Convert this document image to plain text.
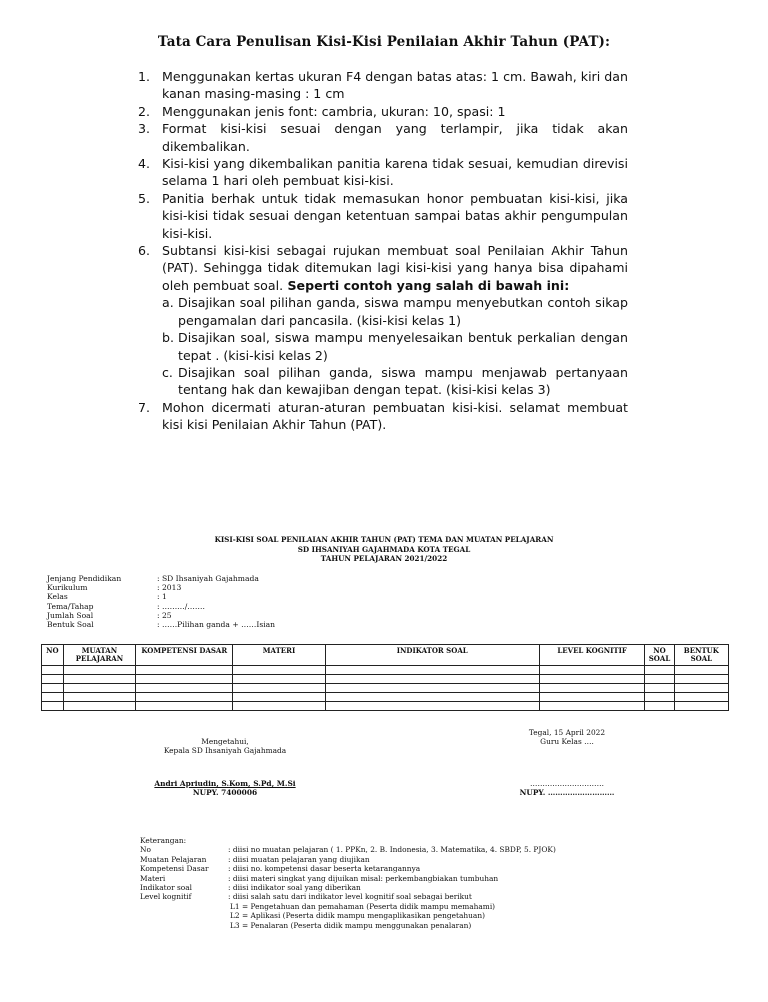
Tata Cara Penulisan Kisi-Kisi Penilaian Akhir Tahun (PAT):
1. Menggunakan kertas ukuran F4 dengan batas atas: 1 cm. Bawah, kiri dan kanan masing-masing : 1 cm
2. Menggunakan jenis font: cambria, ukuran: 10, spasi: 1
3. Format kisi-kisi sesuai dengan yang terlampir, jika tidak akan dikembalikan.
4. Kisi-kisi yang dikembalikan panitia karena tidak sesuai, kemudian direvisi selama 1 hari oleh pembuat kisi-kisi.
5. Panitia berhak untuk tidak memasukan honor pembuatan kisi-kisi, jika kisi-kisi tidak sesuai dengan ketentuan sampai batas akhir pengumpulan kisi-kisi.
6. Subtansi kisi-kisi sebagai rujukan membuat soal Penilaian Akhir Tahun (PAT). Sehingga tidak ditemukan lagi kisi-kisi yang hanya bisa dipahami oleh pembuat soal. Seperti contoh yang salah di bawah ini:
a. Disajikan soal pilihan ganda, siswa mampu menyebutkan contoh sikap pengamalan dari pancasila. (kisi-kisi kelas 1)
b. Disajikan soal, siswa mampu menyelesaikan bentuk perkalian dengan tepat . (kisi-kisi kelas 2)
c. Disajikan soal pilihan ganda, siswa mampu menjawab pertanyaan tentang hak dan kewajiban dengan tepat. (kisi-kisi kelas 3)
7. Mohon dicermati aturan-aturan pembuatan kisi-kisi. selamat membuat kisi kisi Penilaian Akhir Tahun (PAT).
KISI-KISI SOAL PENILAIAN AKHIR TAHUN (PAT) TEMA DAN MUATAN PELAJARAN
SD IHSANIYAH GAJAHMADA KOTA TEGAL
TAHUN PELAJARAN 2021/2022
Jenjang Pendidikan	: SD Ihsaniyah Gajahmada
Kurikulum	: 2013
Kelas	: 1
Tema/Tahap	: ………/…….
Jumlah Soal	: 25
Bentuk Soal	: ……Pilihan ganda + ……Isian
NO	MUATAN PELAJARAN	KOMPETENSI DASAR	MATERI	INDIKATOR SOAL	LEVEL KOGNITIF	NO SOAL	BENTUK SOAL

Tegal, 15 April 2022
Guru Kelas ….
Mengetahui,
Kepala SD Ihsaniyah Gajahmada
Andri Apriudin, S.Kom, S.Pd, M.Si
NUPY. 7400006
…………………………
NUPY. ………………………
Keterangan:
No	: diisi no muatan pelajaran ( 1. PPKn, 2. B. Indonesia, 3. Matematika, 4. SBDP, 5. PJOK)
Muatan Pelajaran	: diisi muatan pelajaran yang diujikan
Kompetensi Dasar	: diisi no. kompetensi dasar beserta ketarangannya
Materi	: diisi materi singkat yang dijuikan misal: perkembangbiakan tumbuhan
Indikator soal	: diisi indikator soal yang diberikan
Level kognitif	: diisi salah satu dari indikator level kognitif soal sebagai berikut
L1 = Pengetahuan dan pemahaman (Peserta didik mampu memahami)
L2 = Aplikasi (Peserta didik mampu mengaplikasikan pengetahuan)
L3 = Penalaran (Peserta didik mampu menggunakan penalaran)
